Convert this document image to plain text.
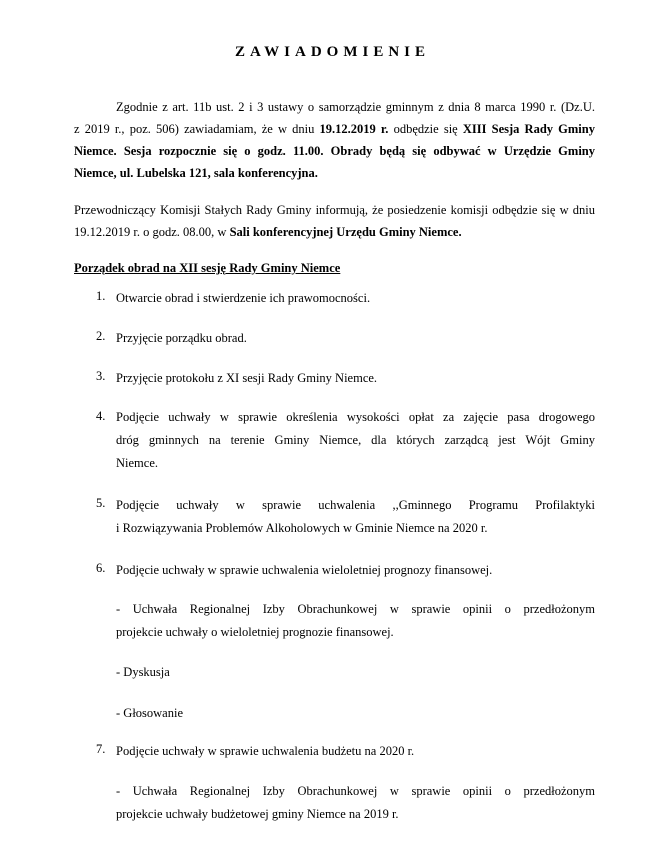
ZAWIADOMIENIE
Zgodnie z art. 11b ust. 2 i 3 ustawy o samorządzie gminnym z dnia 8 marca 1990 r. (Dz.U.
z 2019 r., poz. 506) zawiadamiam, że w dniu 19.12.2019 r. odbędzie się XIII Sesja Rady Gminy
Niemce. Sesja rozpocznie się o godz. 11.00. Obrady będą się odbywać w Urzędzie Gminy
Niemce, ul. Lubelska 121, sala konferencyjna.
Przewodniczący Komisji Stałych Rady Gminy informują, że posiedzenie komisji odbędzie się w dniu
19.12.2019 r. o godz. 08.00, w Sali konferencyjnej Urzędu Gminy Niemce.
Porządek obrad na XII sesję Rady Gminy Niemce
1. Otwarcie obrad i stwierdzenie ich prawomocności.
2. Przyjęcie porządku obrad.
3. Przyjęcie protokołu z XI sesji Rady Gminy Niemce.
4. Podjęcie uchwały w sprawie określenia wysokości opłat za zajęcie pasa drogowego
dróg gminnych na terenie Gminy Niemce, dla których zarządcą jest Wójt Gminy
Niemce.
5. Podjęcie uchwały w sprawie uchwalenia ,,Gminnego Programu Profilaktyki
i Rozwiązywania Problemów Alkoholowych w Gminie Niemce na 2020 r.
6. Podjęcie uchwały w sprawie uchwalenia wieloletniej prognozy finansowej.
- Uchwała Regionalnej Izby Obrachunkowej w sprawie opinii o przedłożonym
projekcie uchwały o wieloletniej prognozie finansowej.
- Dyskusja
- Głosowanie
7. Podjęcie uchwały w sprawie uchwalenia budżetu na 2020 r.
- Uchwała Regionalnej Izby Obrachunkowej w sprawie opinii o przedłożonym
projekcie uchwały budżetowej gminy Niemce na 2019 r.
